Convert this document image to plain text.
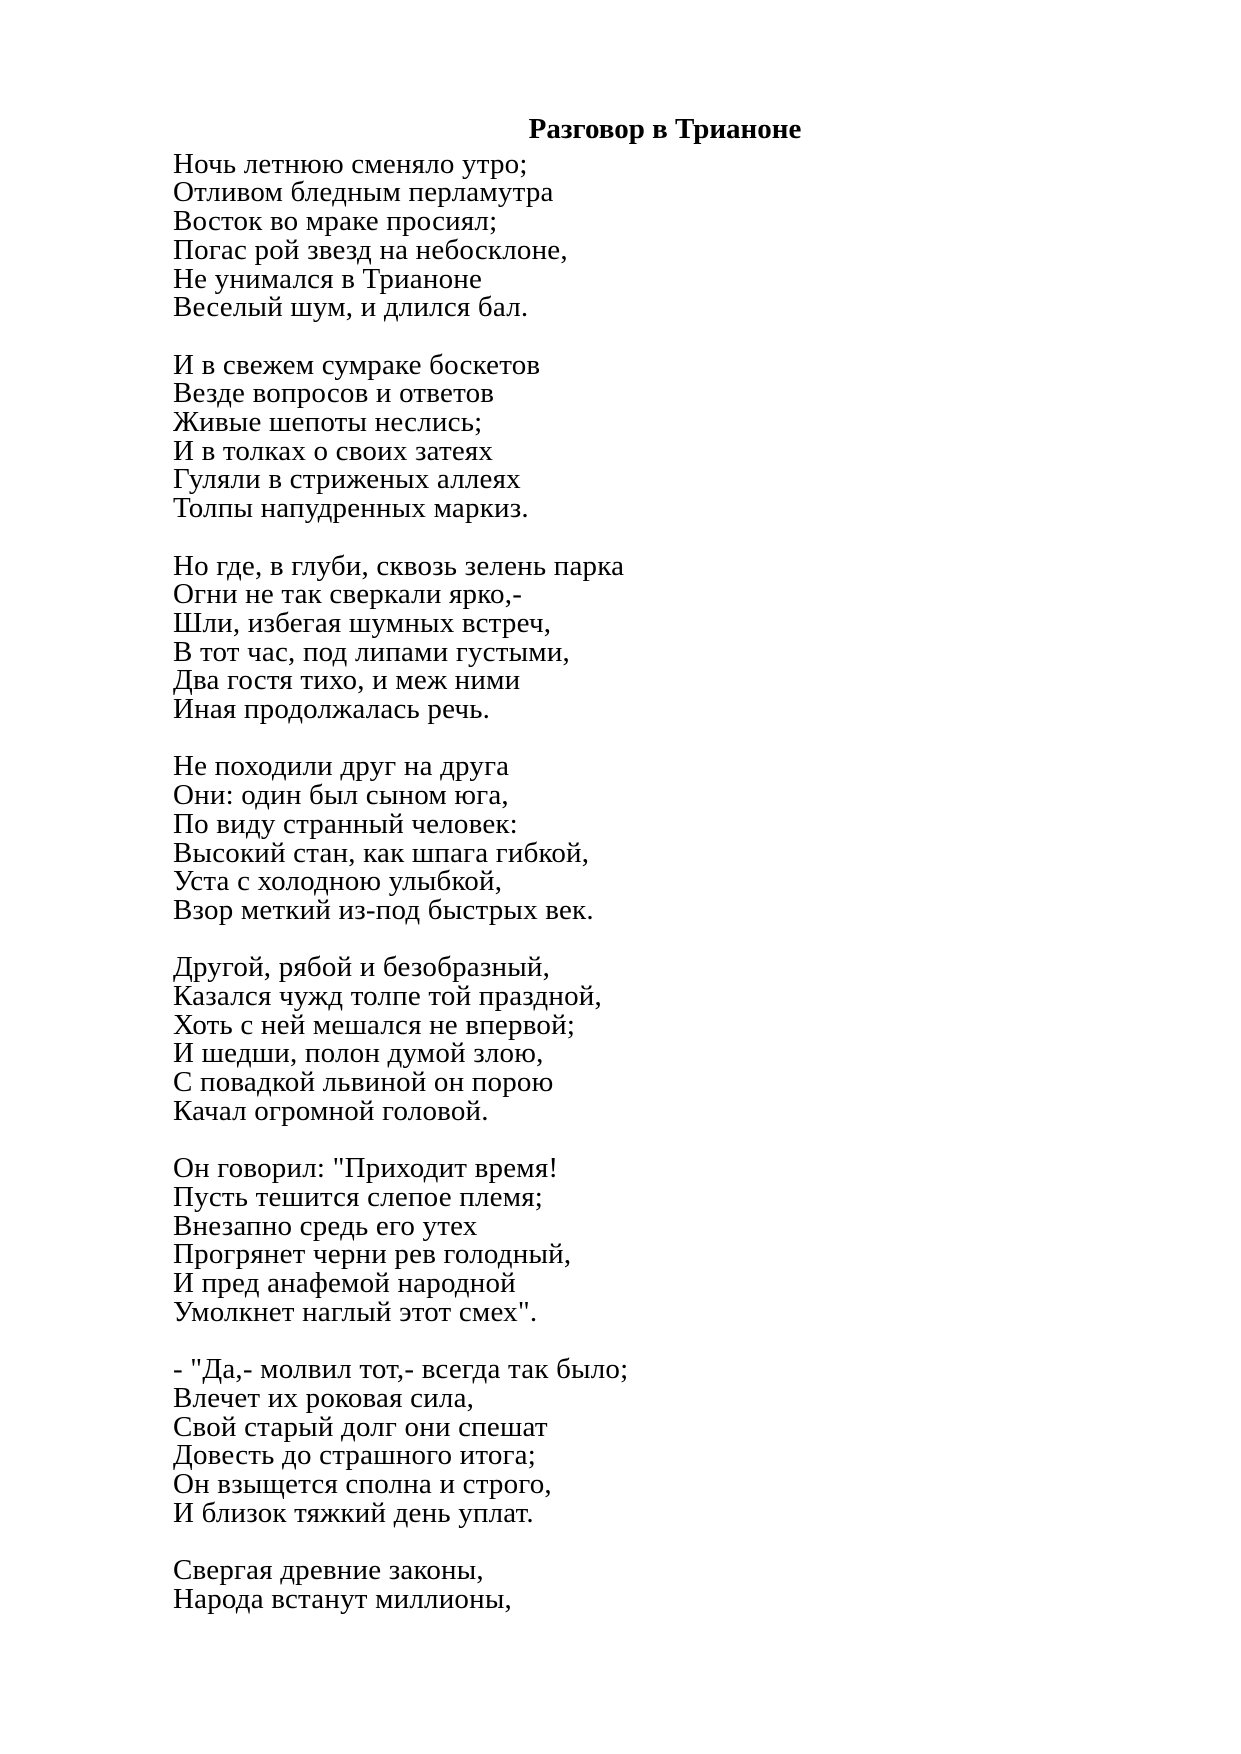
Разговор в Трианоне
Ночь летнюю сменяло утро;
Отливом бледным перламутра
Восток во мраке просиял;
Погас рой звезд на небосклоне,
Не унимался в Трианоне
Веселый шум, и длился бал.
И в свежем сумраке боскетов
Везде вопросов и ответов
Живые шепоты неслись;
И в толках о своих затеях
Гуляли в стриженых аллеях
Толпы напудренных маркиз.
Но где, в глуби, сквозь зелень парка
Огни не так сверкали ярко,-
Шли, избегая шумных встреч,
В тот час, под липами густыми,
Два гостя тихо, и меж ними
Иная продолжалась речь.
Не походили друг на друга
Они: один был сыном юга,
По виду странный человек:
Высокий стан, как шпага гибкой,
Уста с холодною улыбкой,
Взор меткий из-под быстрых век.
Другой, рябой и безобразный,
Казался чужд толпе той праздной,
Хоть с ней мешался не впервой;
И шедши, полон думой злою,
С повадкой львиной он порою
Качал огромной головой.
Он говорил: "Приходит время!
Пусть тешится слепое племя;
Внезапно средь его утех
Прогрянет черни рев голодный,
И пред анафемой народной
Умолкнет наглый этот смех".
- "Да,- молвил тот,- всегда так было;
Влечет их роковая сила,
Свой старый долг они спешат
Довесть до страшного итога;
Он взыщется сполна и строго,
И близок тяжкий день уплат.
Свергая древние законы,
Народа встанут миллионы,
